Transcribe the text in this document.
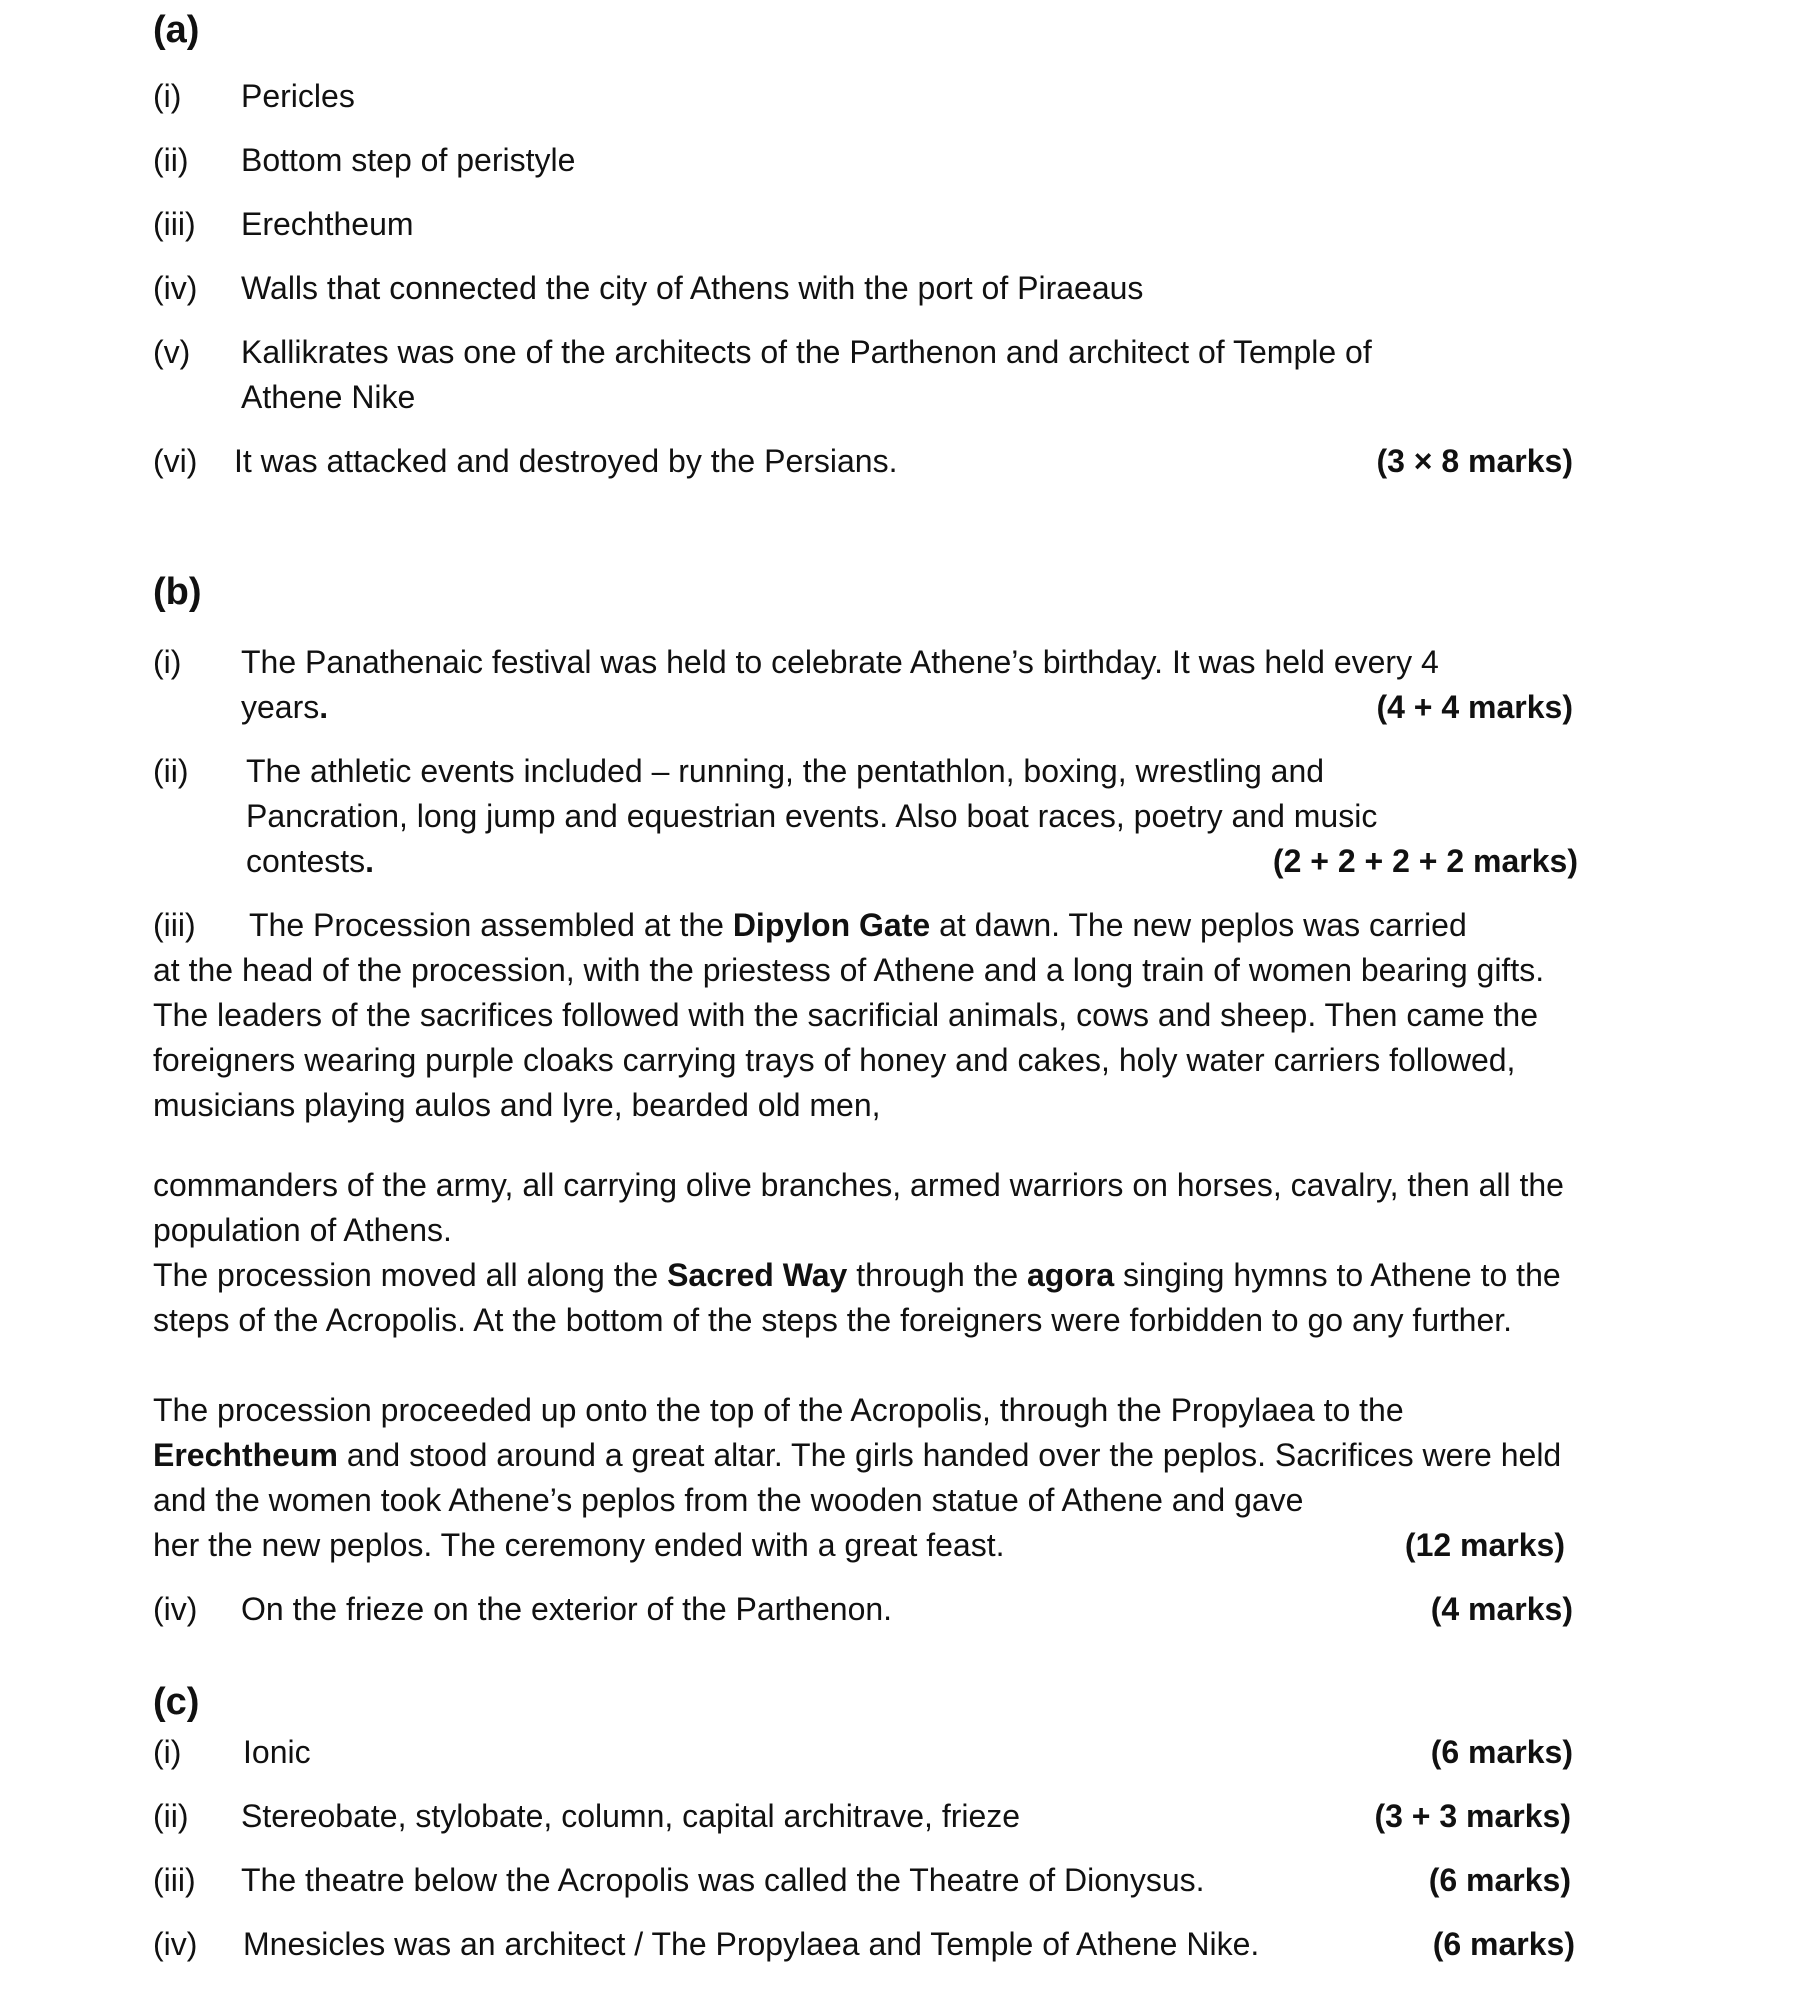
(a)
(i) Pericles
(ii) Bottom step of peristyle
(iii) Erechtheum
(iv) Walls that connected the city of Athens with the port of Piraeaus
(v) Kallikrates was one of the architects of the Parthenon and architect of Temple of
Athene Nike
(vi) It was attacked and destroyed by the Persians.	(3 × 8 marks)
(b)
(i) The Panathenaic festival was held to celebrate Athene’s birthday. It was held every 4
years.	(4 + 4 marks)
(ii) The athletic events included – running, the pentathlon, boxing, wrestling and
Pancration, long jump and equestrian events. Also boat races, poetry and music
contests.	(2 + 2 + 2 + 2 marks)
(iii) The Procession assembled at the Dipylon Gate at dawn. The new peplos was carried
at the head of the procession, with the priestess of Athene and a long train of women bearing gifts. The leaders of the sacrifices followed with the sacrificial animals, cows and sheep. Then came the foreigners wearing purple cloaks carrying trays of honey and cakes, holy water carriers followed, musicians playing aulos and lyre, bearded old men,
commanders of the army, all carrying olive branches, armed warriors on horses, cavalry, then all the population of Athens.
The procession moved all along the Sacred Way through the agora singing hymns to Athene to the steps of the Acropolis. At the bottom of the steps the foreigners were forbidden to go any further.
The procession proceeded up onto the top of the Acropolis, through the Propylaea to the Erechtheum and stood around a great altar. The girls handed over the peplos. Sacrifices were held and the women took Athene’s peplos from the wooden statue of Athene and gave
her the new peplos. The ceremony ended with a great feast.	(12 marks)
(iv) On the frieze on the exterior of the Parthenon.	(4 marks)
(c)
(i) Ionic	(6 marks)
(ii) Stereobate, stylobate, column, capital architrave, frieze	(3 + 3 marks)
(iii) The theatre below the Acropolis was called the Theatre of Dionysus.	(6 marks)
(iv) Mnesicles was an architect / The Propylaea and Temple of Athene Nike.	(6 marks)
